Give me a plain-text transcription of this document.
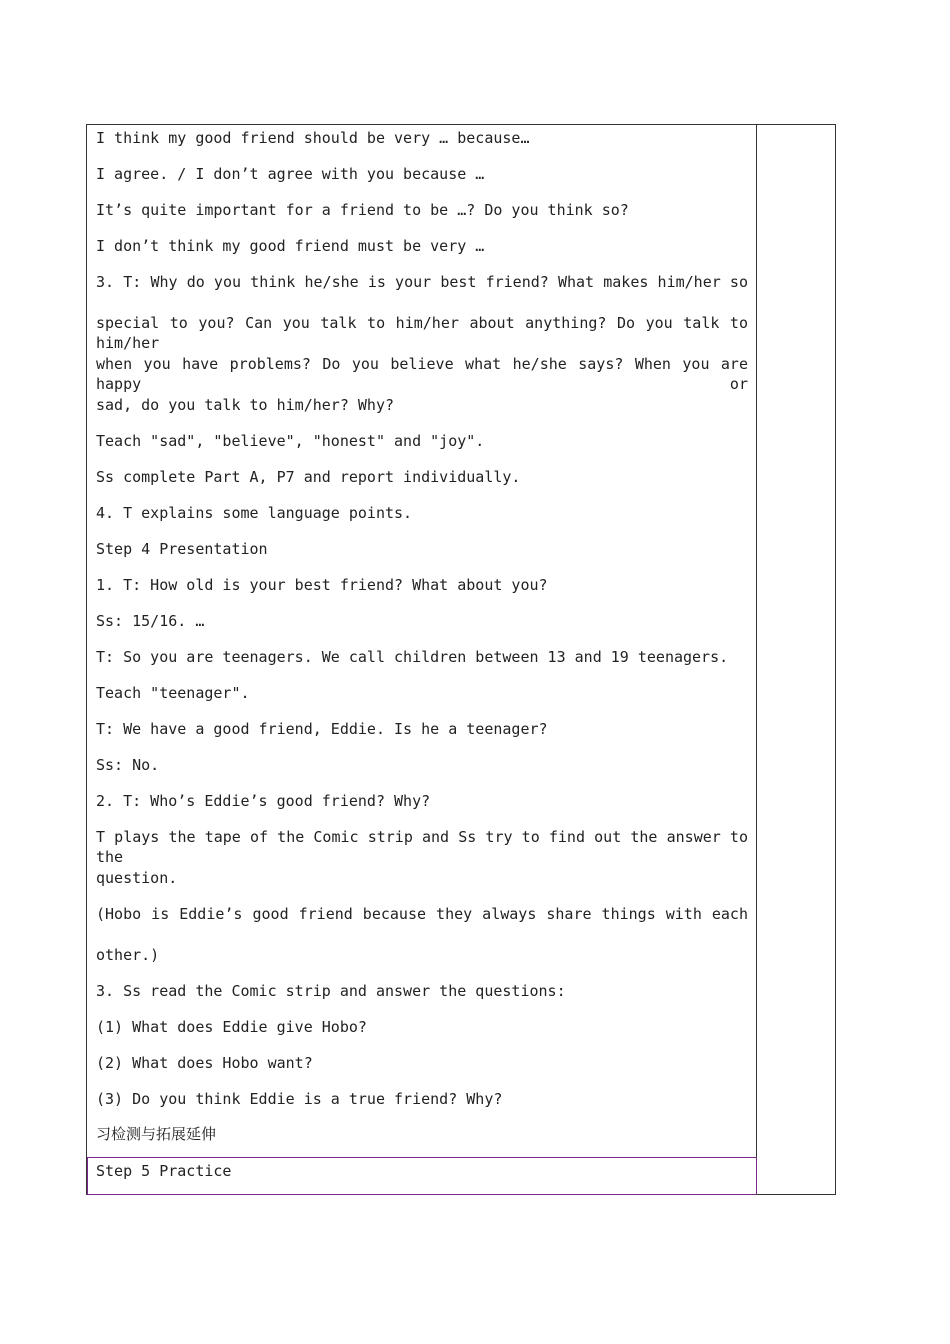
I think my good friend should be very … because…
I agree. / I don’t agree with you because …
It’s quite important for a friend to be …? Do you think so?
I don’t think my good friend must be very …
3. T: Why do you think he/she is your best friend? What makes him/her so
special to you? Can you talk to him/her about anything? Do you talk to him/her
when you have problems? Do you believe what he/she says? When you are happy or
sad, do you talk to him/her? Why?
Teach "sad", "believe", "honest" and "joy".
Ss complete Part A, P7 and report individually.
4. T explains some language points.
Step 4 Presentation
1. T: How old is your best friend? What about you?
Ss: 15/16. …
T: So you are teenagers. We call children between 13 and 19 teenagers.
Teach "teenager".
T: We have a good friend, Eddie. Is he a teenager?
Ss: No.
2. T: Who’s Eddie’s good friend? Why?
T plays the tape of the Comic strip and Ss try to find out the answer to the
question.
(Hobo is Eddie’s good friend because they always share things with each
other.)
3. Ss read the Comic strip and answer the questions:
(1) What does Eddie give Hobo?
(2) What does Hobo want?
(3) Do you think Eddie is a true friend? Why?
习检测与拓展延伸
Step 5 Practice
